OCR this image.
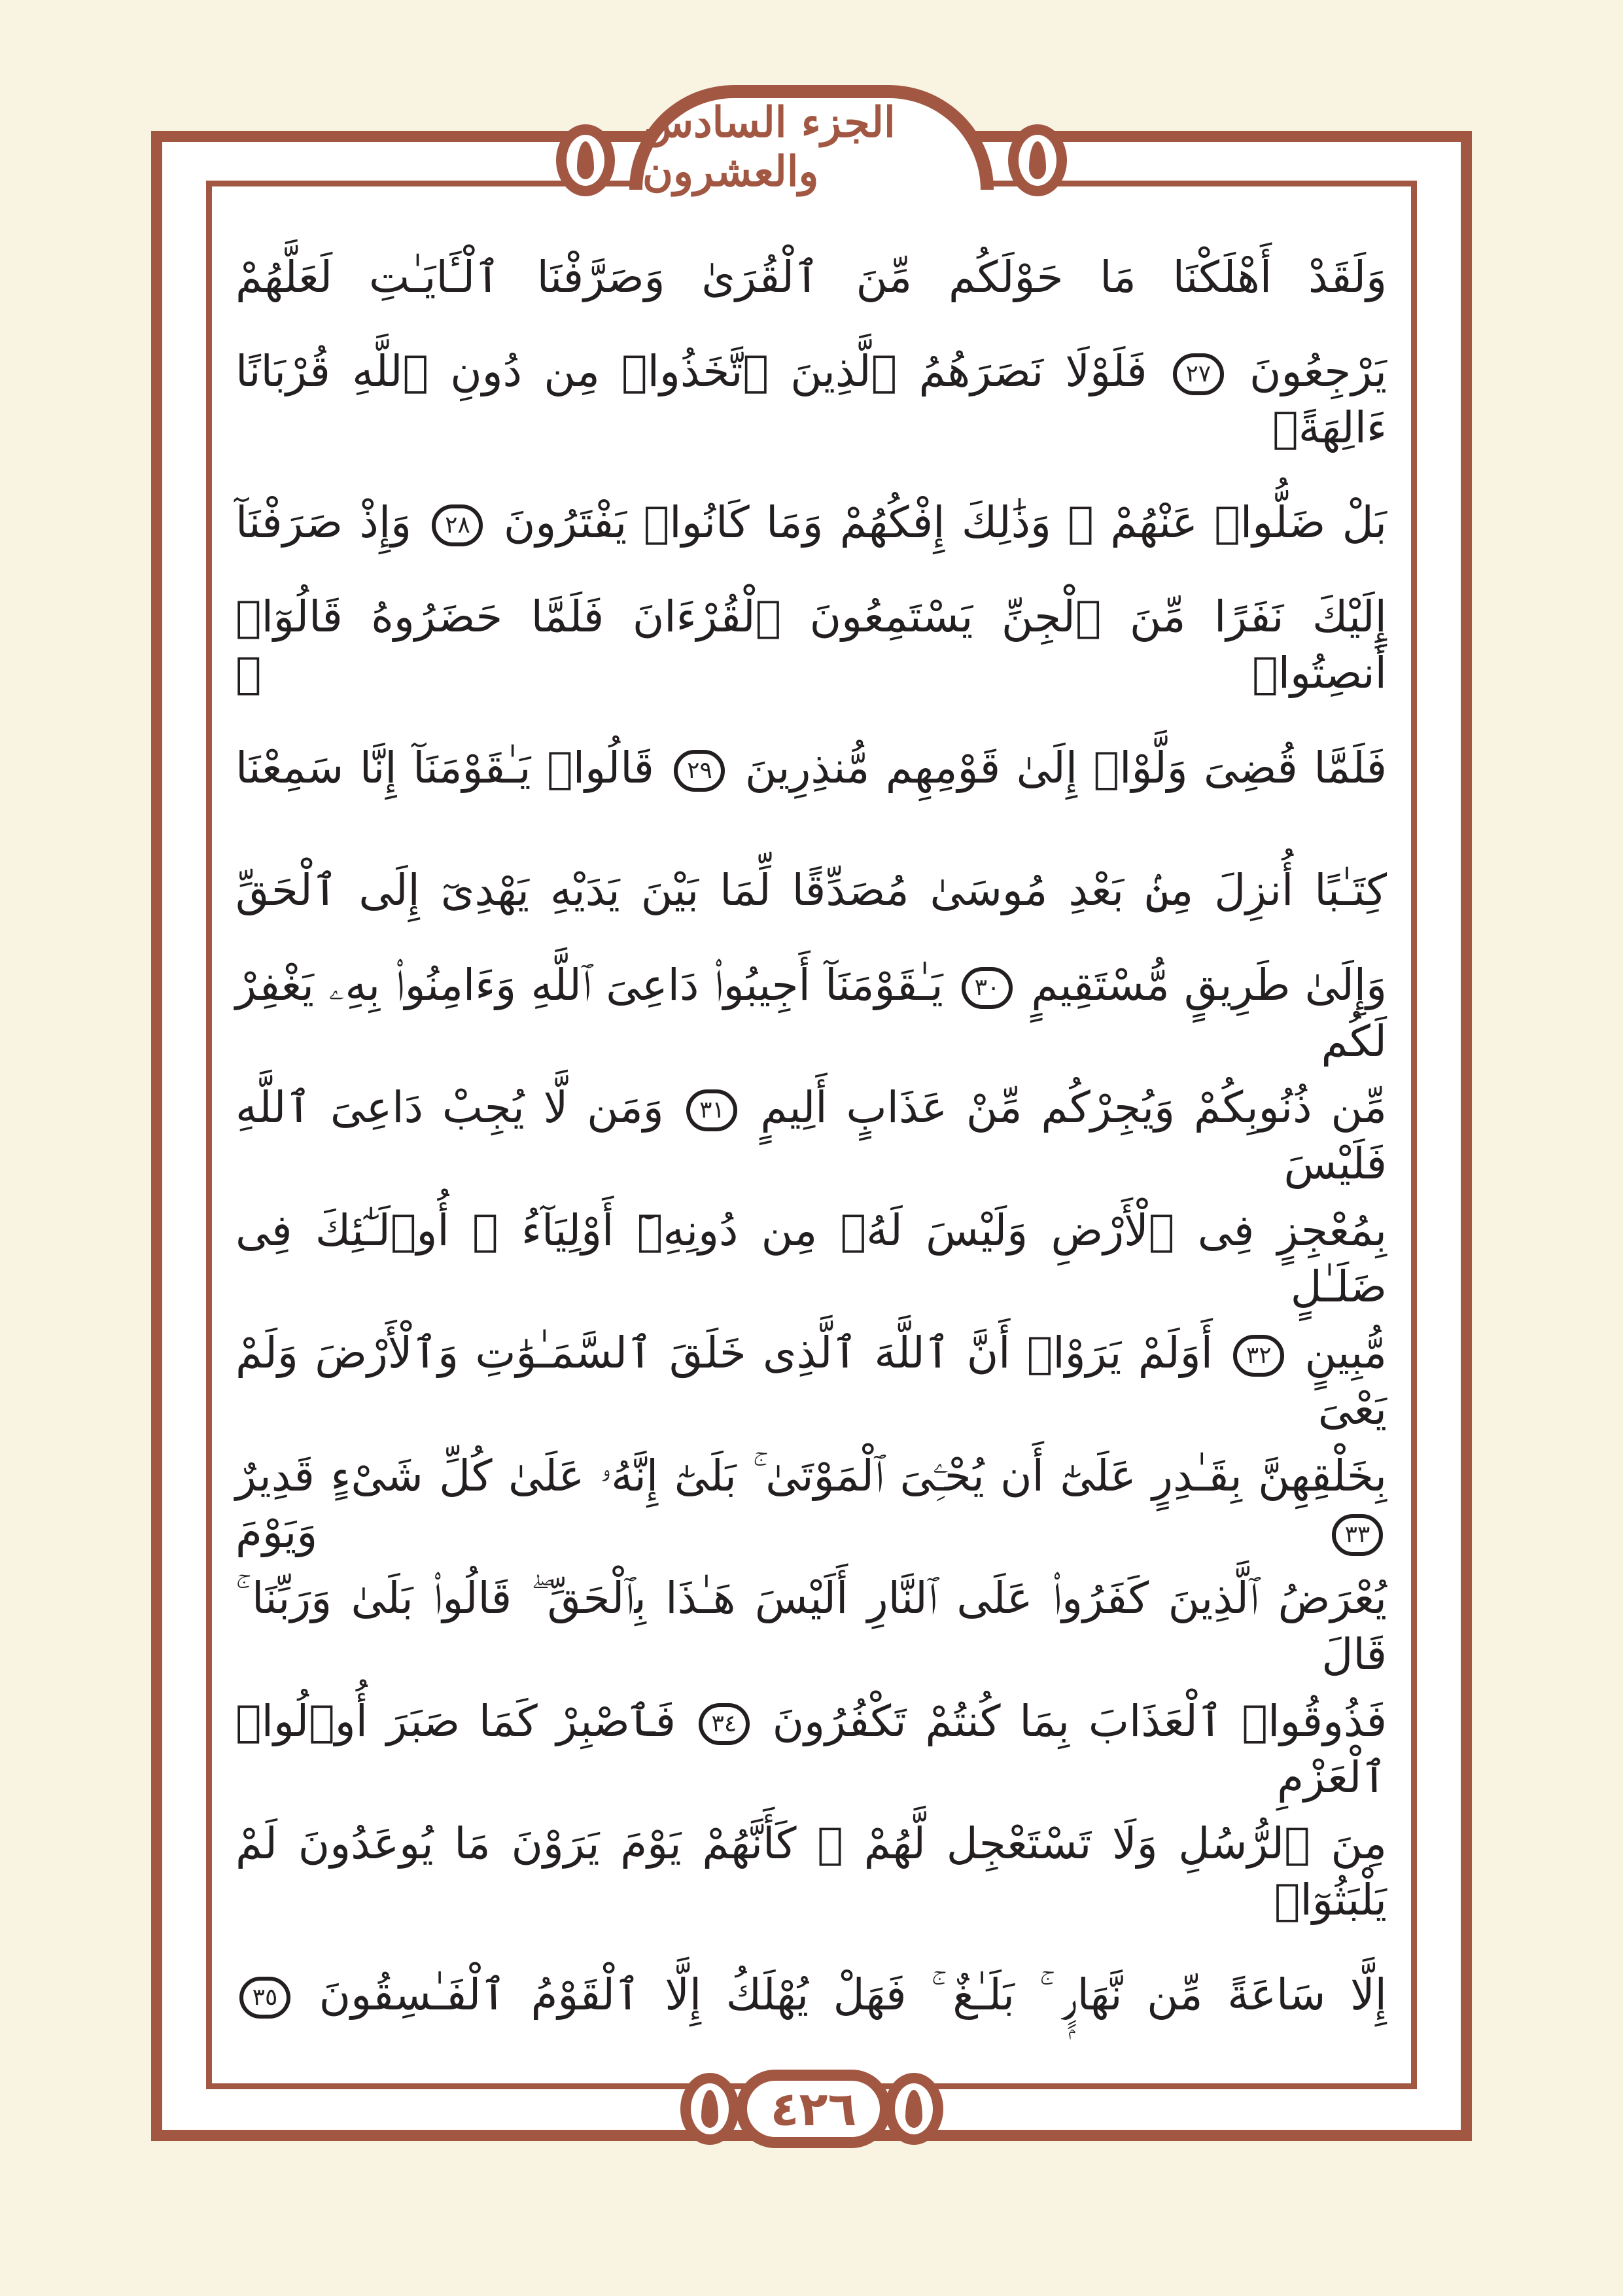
الجزء السادس والعشرون
وَلَقَدْ أَهْلَكْنَا مَا حَوْلَكُم مِّنَ ٱلْقُرَىٰ وَصَرَّفْنَا ٱلْـَٔايَـٰتِ لَعَلَّهُمْ
يَرْجِعُونَ ٢٧ فَلَوْلَا نَصَرَهُمُ ٱلَّذِينَ ٱتَّخَذُوا۟ مِن دُونِ ٱللَّهِ قُرْبَانًا ءَالِهَةًۢ
بَلْ ضَلُّوا۟ عَنْهُمْ ۚ وَذَٰلِكَ إِفْكُهُمْ وَمَا كَانُوا۟ يَفْتَرُونَ ٢٨ وَإِذْ صَرَفْنَآ
إِلَيْكَ نَفَرًا مِّنَ ٱلْجِنِّ يَسْتَمِعُونَ ٱلْقُرْءَانَ فَلَمَّا حَضَرُوهُ قَالُوٓا۟ أَنصِتُوا۟ ۖ
فَلَمَّا قُضِىَ وَلَّوْا۟ إِلَىٰ قَوْمِهِم مُّنذِرِينَ ٢٩ قَالُوا۟ يَـٰقَوْمَنَآ إِنَّا سَمِعْنَا
كِتَـٰبًا أُنزِلَ مِنۢ بَعْدِ مُوسَىٰ مُصَدِّقًا لِّمَا بَيْنَ يَدَيْهِ يَهْدِىٓ إِلَى ٱلْحَقِّ
وَإِلَىٰ طَرِيقٍ مُّسْتَقِيمٍ ٣٠ يَـٰقَوْمَنَآ أَجِيبُوا۟ دَاعِىَ ٱللَّهِ وَءَامِنُوا۟ بِهِۦ يَغْفِرْ لَكُم
مِّن ذُنُوبِكُمْ وَيُجِرْكُم مِّنْ عَذَابٍ أَلِيمٍ ٣١ وَمَن لَّا يُجِبْ دَاعِىَ ٱللَّهِ فَلَيْسَ
بِمُعْجِزٍ فِى ٱلْأَرْضِ وَلَيْسَ لَهُۥ مِن دُونِهِۦٓ أَوْلِيَآءُ ۚ أُو۟لَـٰٓئِكَ فِى ضَلَـٰلٍ
مُّبِينٍ ٣٢ أَوَلَمْ يَرَوْا۟ أَنَّ ٱللَّهَ ٱلَّذِى خَلَقَ ٱلسَّمَـٰوَٰتِ وَٱلْأَرْضَ وَلَمْ يَعْىَ
بِخَلْقِهِنَّ بِقَـٰدِرٍ عَلَىٰٓ أَن يُحْـِۧىَ ٱلْمَوْتَىٰ ۚ بَلَىٰٓ إِنَّهُۥ عَلَىٰ كُلِّ شَىْءٍ قَدِيرٌ ٣٣ وَيَوْمَ
يُعْرَضُ ٱلَّذِينَ كَفَرُوا۟ عَلَى ٱلنَّارِ أَلَيْسَ هَـٰذَا بِٱلْحَقِّ ۖ قَالُوا۟ بَلَىٰ وَرَبِّنَا ۚ قَالَ
فَذُوقُوا۟ ٱلْعَذَابَ بِمَا كُنتُمْ تَكْفُرُونَ ٣٤ فَٱصْبِرْ كَمَا صَبَرَ أُو۟لُوا۟ ٱلْعَزْمِ
مِنَ ٱلرُّسُلِ وَلَا تَسْتَعْجِل لَّهُمْ ۚ كَأَنَّهُمْ يَوْمَ يَرَوْنَ مَا يُوعَدُونَ لَمْ يَلْبَثُوٓا۟
إِلَّا سَاعَةً مِّن نَّهَارٍۭ ۚ بَلَـٰغٌ ۚ فَهَلْ يُهْلَكُ إِلَّا ٱلْقَوْمُ ٱلْفَـٰسِقُونَ ٣٥
٤٢٦
